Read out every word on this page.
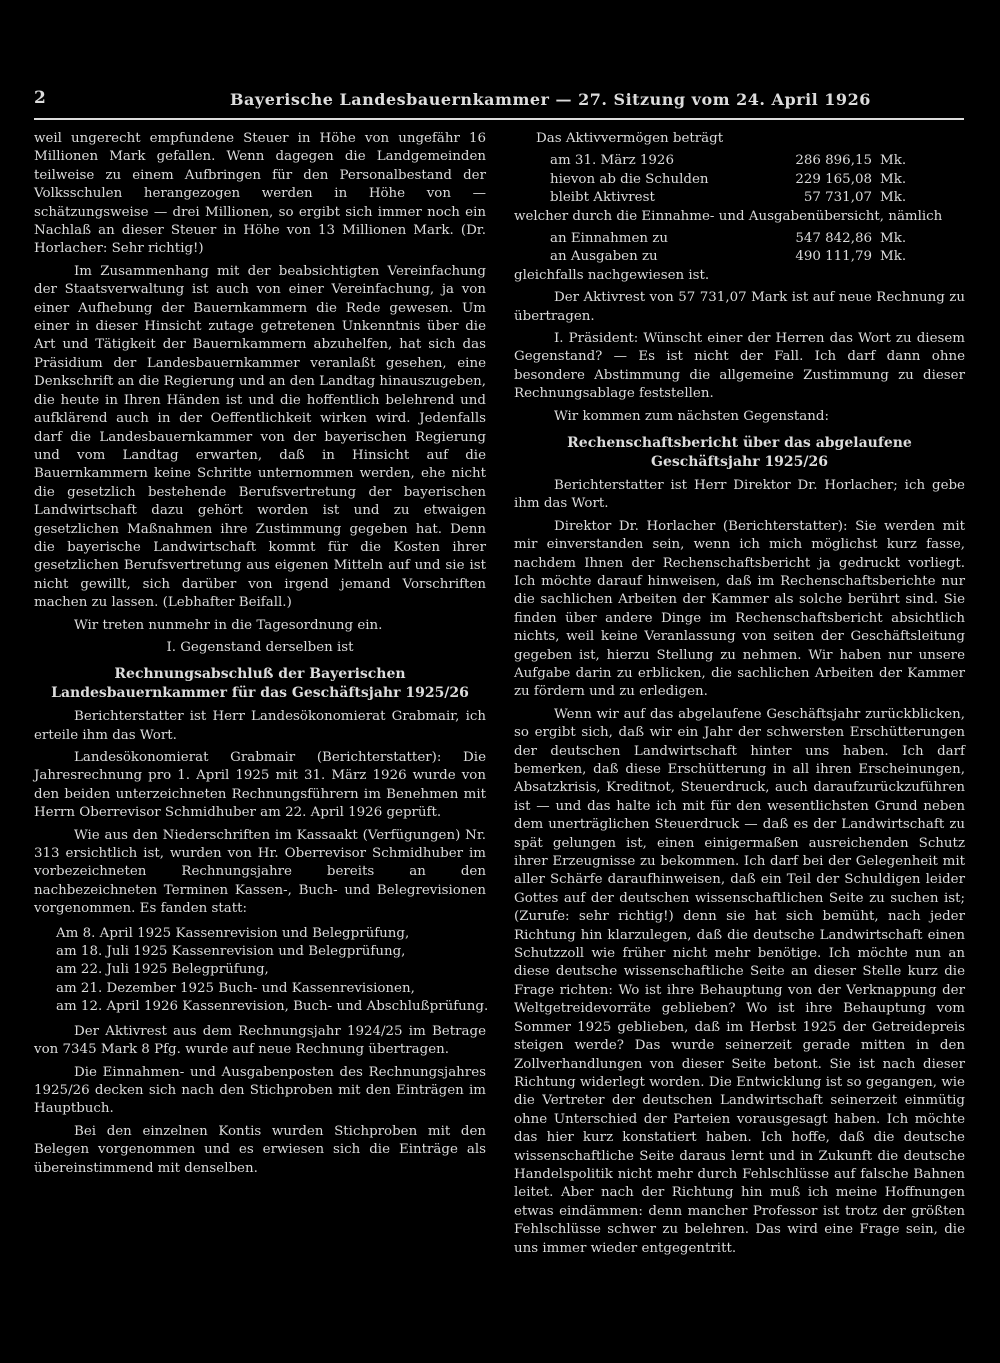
2	Bayerische Landesbauernkammer — 27. Sitzung vom 24. April 1926

weil ungerecht empfundene Steuer in Höhe von ungefähr 16 Millionen Mark gefallen. Wenn dagegen die Landgemeinden teilweise zu einem Aufbringen für den Personalbestand der Volksschulen herangezogen werden in Höhe von — schätzungsweise — drei Millionen, so ergibt sich immer noch ein Nachlaß an dieser Steuer in Höhe von 13 Millionen Mark. (Dr. Horlacher: Sehr richtig!)

Im Zusammenhang mit der beabsichtigten Vereinfachung der Staatsverwaltung ist auch von einer Vereinfachung, ja von einer Aufhebung der Bauernkammern die Rede gewesen. Um einer in dieser Hinsicht zutage getretenen Unkenntnis über die Art und Tätigkeit der Bauernkammern abzuhelfen, hat sich das Präsidium der Landesbauernkammer veranlaßt gesehen, eine Denkschrift an die Regierung und an den Landtag hinauszugeben, die heute in Ihren Händen ist und die hoffentlich belehrend und aufklärend auch in der Oeffentlichkeit wirken wird. Jedenfalls darf die Landesbauernkammer von der bayerischen Regierung und vom Landtag erwarten, daß in Hinsicht auf die Bauernkammern keine Schritte unternommen werden, ehe nicht die gesetzlich bestehende Berufsvertretung der bayerischen Landwirtschaft dazu gehört worden ist und zu etwaigen gesetzlichen Maßnahmen ihre Zustimmung gegeben hat. Denn die bayerische Landwirtschaft kommt für die Kosten ihrer gesetzlichen Berufsvertretung aus eigenen Mitteln auf und sie ist nicht gewillt, sich darüber von irgend jemand Vorschriften machen zu lassen. (Lebhafter Beifall.)

Wir treten nunmehr in die Tagesordnung ein.

I. Gegenstand derselben ist

Rechnungsabschluß der Bayerischen Landesbauernkammer für das Geschäftsjahr 1925/26

Berichterstatter ist Herr Landesökonomierat Grabmair, ich erteile ihm das Wort.

Landesökonomierat Grabmair (Berichterstatter): Die Jahresrechnung pro 1. April 1925 mit 31. März 1926 wurde von den beiden unterzeichneten Rechnungsführern im Benehmen mit Herrn Oberrevisor Schmidhuber am 22. April 1926 geprüft.

Wie aus den Niederschriften im Kassaakt (Verfügungen) Nr. 313 ersichtlich ist, wurden von Hr. Oberrevisor Schmidhuber im vorbezeichneten Rechnungsjahre bereits an den nachbezeichneten Terminen Kassen-, Buch- und Belegrevisionen vorgenommen. Es fanden statt:

Am 8. April 1925 Kassenrevision und Belegprüfung,
am 18. Juli 1925 Kassenrevision und Belegprüfung,
am 22. Juli 1925 Belegprüfung,
am 21. Dezember 1925 Buch- und Kassenrevisionen,
am 12. April 1926 Kassenrevision, Buch- und Abschlußprüfung.

Der Aktivrest aus dem Rechnungsjahr 1924/25 im Betrage von 7345 Mark 8 Pfg. wurde auf neue Rechnung übertragen.

Die Einnahmen- und Ausgabenposten des Rechnungsjahres 1925/26 decken sich nach den Stichproben mit den Einträgen im Hauptbuch.

Bei den einzelnen Kontis wurden Stichproben mit den Belegen vorgenommen und es erwiesen sich die Einträge als übereinstimmend mit denselben.

Das Aktivvermögen beträgt

am 31. März 1926	286 896,15 Mk.
hievon ab die Schulden	229 165,08 Mk.
bleibt Aktivrest	57 731,07 Mk.

welcher durch die Einnahme- und Ausgabenübersicht, nämlich

an Einnahmen zu	547 842,86 Mk.
an Ausgaben zu	490 111,79 Mk.

gleichfalls nachgewiesen ist.

Der Aktivrest von 57 731,07 Mark ist auf neue Rechnung zu übertragen.

I. Präsident: Wünscht einer der Herren das Wort zu diesem Gegenstand? — Es ist nicht der Fall. Ich darf dann ohne besondere Abstimmung die allgemeine Zustimmung zu dieser Rechnungsablage feststellen.

Wir kommen zum nächsten Gegenstand:

Rechenschaftsbericht über das abgelaufene Geschäftsjahr 1925/26

Berichterstatter ist Herr Direktor Dr. Horlacher; ich gebe ihm das Wort.

Direktor Dr. Horlacher (Berichterstatter): Sie werden mit mir einverstanden sein, wenn ich mich möglichst kurz fasse, nachdem Ihnen der Rechenschaftsbericht ja gedruckt vorliegt. Ich möchte darauf hinweisen, daß im Rechenschaftsberichte nur die sachlichen Arbeiten der Kammer als solche berührt sind. Sie finden über andere Dinge im Rechenschaftsbericht absichtlich nichts, weil keine Veranlassung von seiten der Geschäftsleitung gegeben ist, hierzu Stellung zu nehmen. Wir haben nur unsere Aufgabe darin zu erblicken, die sachlichen Arbeiten der Kammer zu fördern und zu erledigen.

Wenn wir auf das abgelaufene Geschäftsjahr zurückblicken, so ergibt sich, daß wir ein Jahr der schwersten Erschütterungen der deutschen Landwirtschaft hinter uns haben. Ich darf bemerken, daß diese Erschütterung in all ihren Erscheinungen, Absatzkrisis, Kreditnot, Steuerdruck, auch daraufzurückzuführen ist — und das halte ich mit für den wesentlichsten Grund neben dem unerträglichen Steuerdruck — daß es der Landwirtschaft zu spät gelungen ist, einen einigermaßen ausreichenden Schutz ihrer Erzeugnisse zu bekommen. Ich darf bei der Gelegenheit mit aller Schärfe daraufhinweisen, daß ein Teil der Schuldigen leider Gottes auf der deutschen wissenschaftlichen Seite zu suchen ist; (Zurufe: sehr richtig!) denn sie hat sich bemüht, nach jeder Richtung hin klarzulegen, daß die deutsche Landwirtschaft einen Schutzzoll wie früher nicht mehr benötige. Ich möchte nun an diese deutsche wissenschaftliche Seite an dieser Stelle kurz die Frage richten: Wo ist ihre Behauptung von der Verknappung der Weltgetreidevorräte geblieben? Wo ist ihre Behauptung vom Sommer 1925 geblieben, daß im Herbst 1925 der Getreidepreis steigen werde? Das wurde seinerzeit gerade mitten in den Zollverhandlungen von dieser Seite betont. Sie ist nach dieser Richtung widerlegt worden. Die Entwicklung ist so gegangen, wie die Vertreter der deutschen Landwirtschaft seinerzeit einmütig ohne Unterschied der Parteien vorausgesagt haben. Ich möchte das hier kurz konstatiert haben. Ich hoffe, daß die deutsche wissenschaftliche Seite daraus lernt und in Zukunft die deutsche Handelspolitik nicht mehr durch Fehlschlüsse auf falsche Bahnen leitet. Aber nach der Richtung hin muß ich meine Hoffnungen etwas eindämmen: denn mancher Professor ist trotz der größten Fehlschlüsse schwer zu belehren. Das wird eine Frage sein, die uns immer wieder entgegentritt.
